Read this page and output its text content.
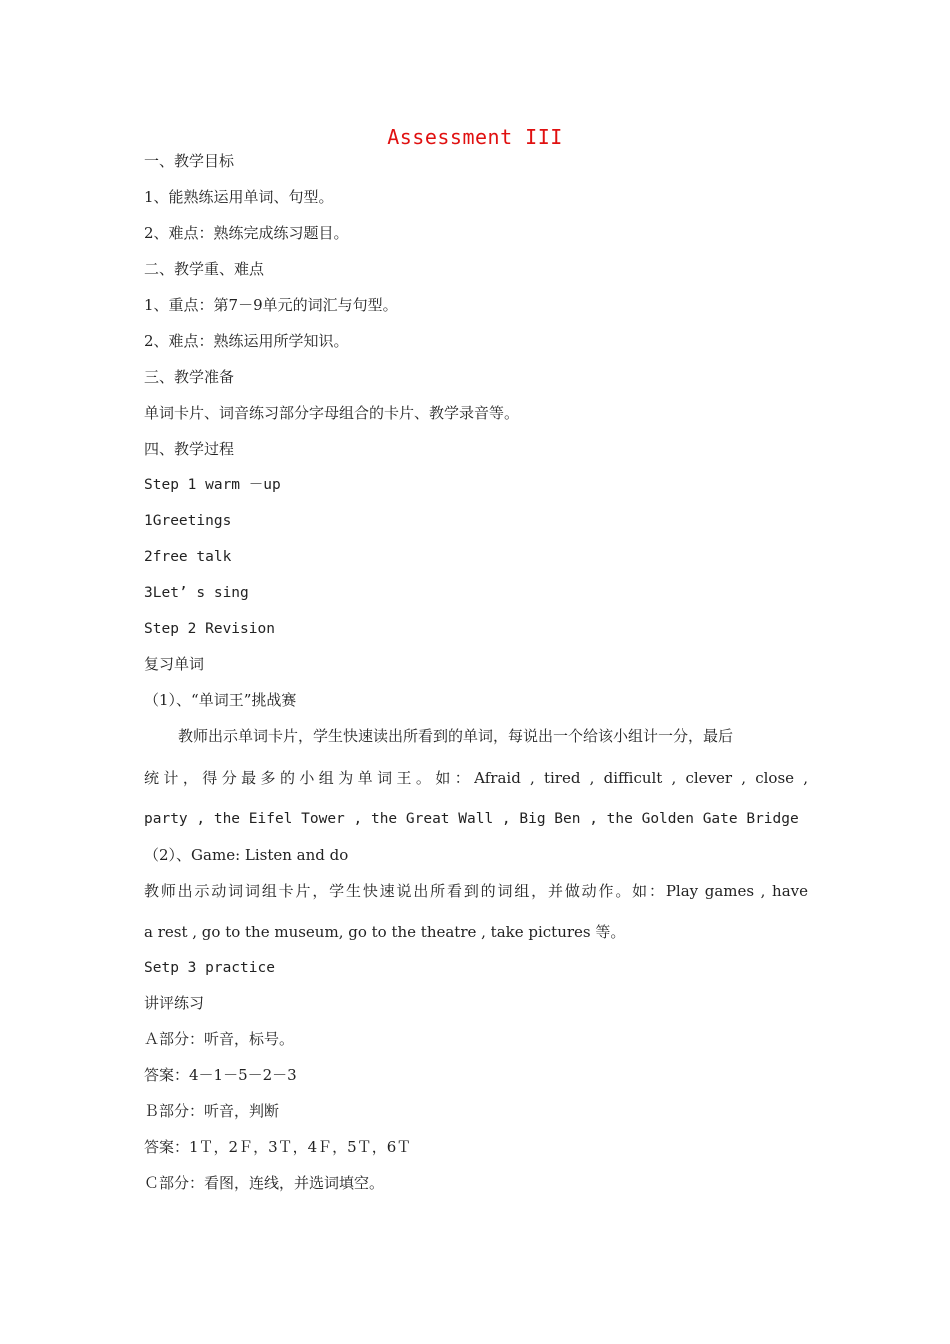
Assessment III
一、教学目标
1、能熟练运用单词、句型。
2、难点：熟练完成练习题目。
二、教学重、难点
1、重点：第7－9单元的词汇与句型。
2、难点：熟练运用所学知识。
三、教学准备
单词卡片、词音练习部分字母组合的卡片、教学录音等。
四、教学过程
Step 1 warm －up
1Greetings
2free talk
3Let’ s sing
Step 2 Revision
复习单词
（1）、“单词王”挑战赛
教师出示单词卡片，学生快速读出所看到的单词，每说出一个给该小组计一分，最后
统计，得分最多的小组为单词王。如：Afraid , tired , difficult , clever , close ,
party , the Eifel Tower , the Great Wall , Big Ben , the Golden Gate Bridge
（2）、Game: Listen and do
教师出示动词词组卡片，学生快速说出所看到的词组，并做动作。如：Play games , have
a rest , go to the museum, go to the theatre , take pictures 等。
Setp 3 practice
讲评练习
Ａ部分：听音，标号。
答案：4－1－5－2－3
Ｂ部分：听音，判断
答案：1Ｔ，2Ｆ，3Ｔ，4Ｆ，5Ｔ，6Ｔ
Ｃ部分：看图，连线，并选词填空。
